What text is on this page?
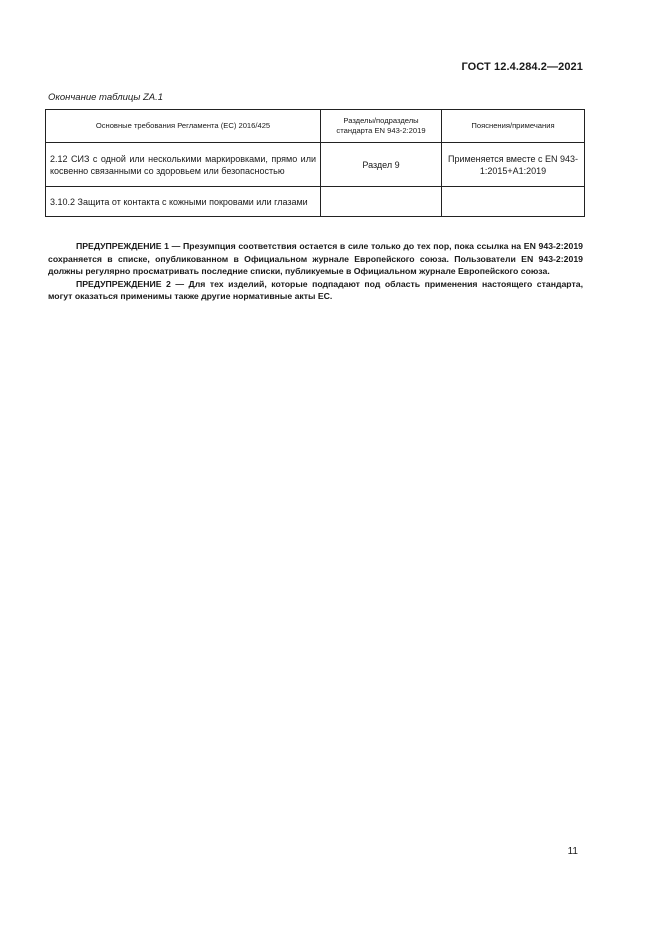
ГОСТ 12.4.284.2—2021
Окончание таблицы ZA.1
Основные требования Регламента (ЕС) 2016/425	Разделы/подразделы стандарта EN 943-2:2019	Пояснения/примечания
2.12 СИЗ с одной или несколькими маркировками, прямо или косвенно связанными со здоровьем или безопасностью	Раздел 9	Применяется вместе с EN 943-1:2015+A1:2019
3.10.2 Защита от контакта с кожными покровами или глазами		

ПРЕДУПРЕЖДЕНИЕ 1 — Презумпция соответствия остается в силе только до тех пор, пока ссылка на EN 943-2:2019 сохраняется в списке, опубликованном в Официальном журнале Европейского союза. Пользователи EN 943-2:2019 должны регулярно просматривать последние списки, публикуемые в Официальном журнале Европейского союза.

ПРЕДУПРЕЖДЕНИЕ 2 — Для тех изделий, которые подпадают под область применения настоящего стандарта, могут оказаться применимы также другие нормативные акты ЕС.

11
